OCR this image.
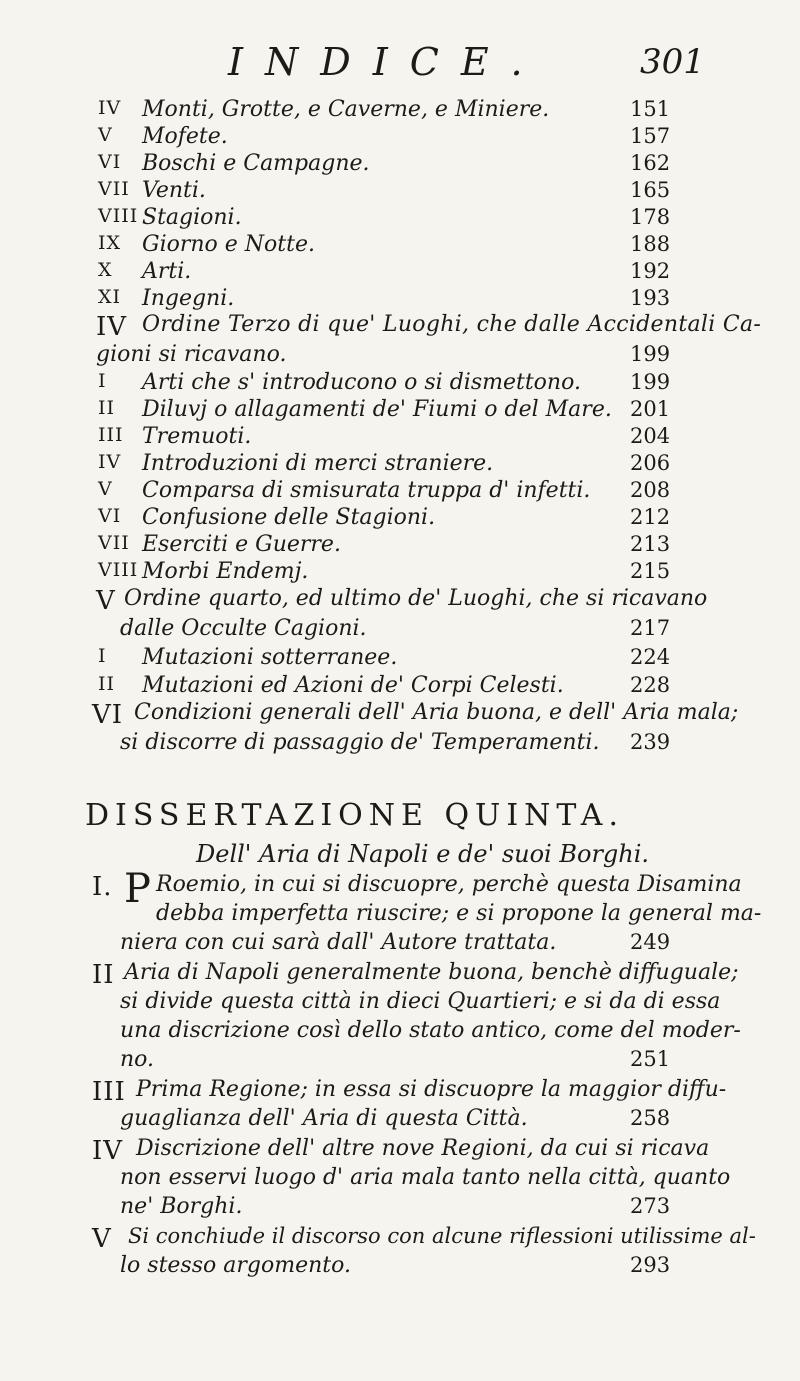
INDICE.	301
IV Monti, Grotte, e Caverne, e Miniere.	151
V Mofete.	157
VI Boschi e Campagne.	162
VII Venti.	165
VIII Stagioni.	178
IX Giorno e Notte.	188
X Arti.	192
XI Ingegni.	193
IV Ordine Terzo di que' Luoghi, che dalle Accidentali Ca-
gioni si ricavano.	199
I Arti che s' introducono o si dismettono. 199
II Diluvj o allagamenti de' Fiumi o del Mare. 201
III Tremuoti.	204
IV Introduzioni di merci straniere.	206
V Comparsa di smisurata truppa d' infetti. 208
VI Confusione delle Stagioni.	212
VII Eserciti e Guerre.	213
VIII Morbi Endemj.	215
V Ordine quarto, ed ultimo de' Luoghi, che si ricavano
dalle Occulte Cagioni.	217
I Mutazioni sotterranee.	224
II Mutazioni ed Azioni de' Corpi Celesti.	228
VI Condizioni generali dell' Aria buona, e dell' Aria mala;
si discorre di passaggio de' Temperamenti. 239
DISSERTAZIONE QUINTA.
Dell' Aria di Napoli e de' suoi Borghi.
I. P Roemio, in cui si discuopre, perchè questa Disamina
debba imperfetta riuscire; e si propone la general ma-
niera con cui sarà dall' Autore trattata.	249
II Aria di Napoli generalmente buona, benchè diffuguale;
si divide questa città in dieci Quartieri; e si da di essa
una discrizione così dello stato antico, come del moder-
no.	251
III Prima Regione; in essa si discuopre la maggior diffu-
guaglianza dell' Aria di questa Città.	258
IV Discrizione dell' altre nove Regioni, da cui si ricava
non esservi luogo d' aria mala tanto nella città, quanto
ne' Borghi.	273
V Si conchiude il discorso con alcune riflessioni utilissime al-
lo stesso argomento.	293
